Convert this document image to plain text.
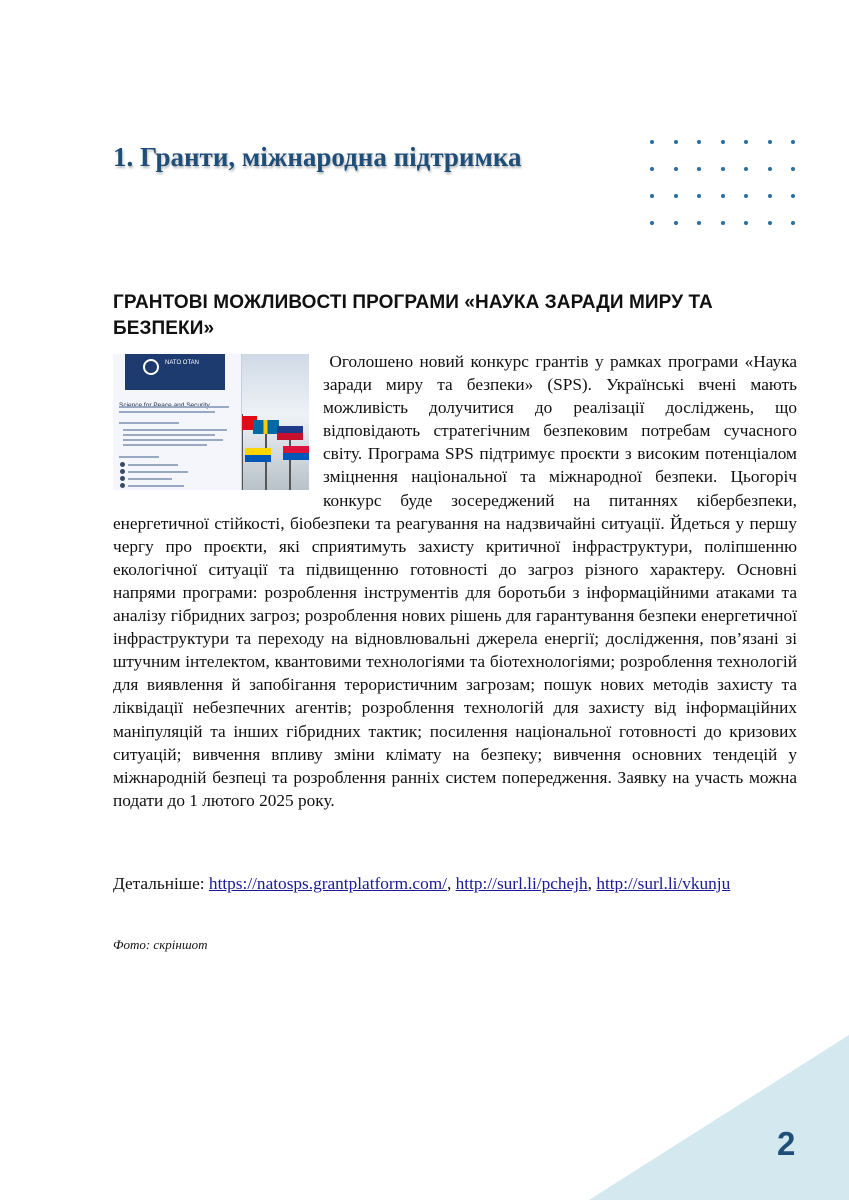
1. Гранти, міжнародна підтримка
ГРАНТОВІ МОЖЛИВОСТІ ПРОГРАМИ «НАУКА ЗАРАДИ МИРУ ТА БЕЗПЕКИ»
NATO OTAN	Оголошено новий конкурс грантів у рамках програми «Наука заради миру та безпеки» (SPS). Українські вчені мають можливість долучитися до реалізації досліджень, що відповідають стратегічним безпековим потребам сучасного світу. Програма SPS підтримує проєкти з високим потенціалом зміцнення національної та міжнародної безпеки. Цьогоріч конкурс буде зосереджений на питаннях кібербезпеки, енергетичної стійкості, біобезпеки та реагування на надзвичайні ситуації. Йдеться у першу чергу про проєкти, які сприятимуть захисту критичної інфраструктури, поліпшенню екологічної ситуації та підвищенню готовності до загроз різного характеру. Основні напрями програми: розроблення інструментів для боротьби з інформаційними атаками та аналізу гібридних загроз; розроблення нових рішень для гарантування безпеки енергетичної інфраструктури та переходу на відновлювальні джерела енергії; дослідження, пов’язані зі штучним інтелектом, квантовими технологіями та біотехнологіями; розроблення технологій для виявлення й запобігання терористичним загрозам; пошук нових методів захисту та ліквідації небезпечних агентів; розроблення технологій для захисту від інформаційних маніпуляцій та інших гібридних тактик; посилення національної готовності до кризових ситуацій; вивчення впливу зміни клімату на безпеку; вивчення основних тендецій у міжнародній безпеці та розроблення ранніх систем попередження. Заявку на участь можна подати до 1 лютого 2025 року.

Детальніше: https://natosps.grantplatform.com/, http://surl.li/pchejh, http://surl.li/vkunju

Фото: скріншот

2
